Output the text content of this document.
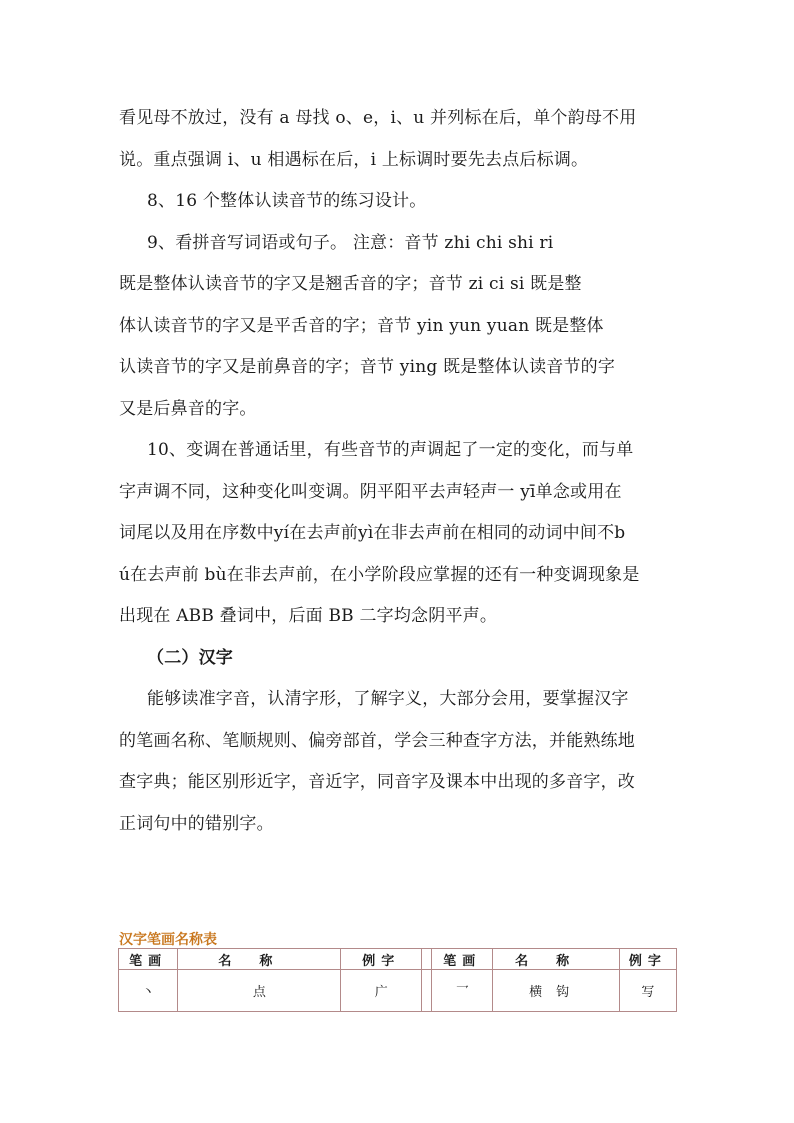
看见母不放过，没有 a 母找 o、e，i、u 并列标在后，单个韵母不用
说。重点强调 i、u 相遇标在后，i 上标调时要先去点后标调。
8、16 个整体认读音节的练习设计。
9、看拼音写词语或句子。 注意：音节 zhi chi shi ri
既是整体认读音节的字又是翘舌音的字；音节 zi ci si 既是整
体认读音节的字又是平舌音的字；音节 yin yun yuan 既是整体
认读音节的字又是前鼻音的字；音节 ying 既是整体认读音节的字
又是后鼻音的字。
10、变调在普通话里，有些音节的声调起了一定的变化，而与单
字声调不同，这种变化叫变调。阴平阳平去声轻声一 yī单念或用在
词尾以及用在序数中yí在去声前yì在非去声前在相同的动词中间不b
ú在去声前 bù在非去声前，在小学阶段应掌握的还有一种变调现象是
出现在 ABB 叠词中，后面 BB 二字均念阴平声。
（二）汉字
能够读准字音，认清字形，了解字义，大部分会用，要掌握汉字
的笔画名称、笔顺规则、偏旁部首，学会三种查字方法，并能熟练地
查字典；能区别形近字，音近字，同音字及课本中出现的多音字，改
正词句中的错别字。
汉字笔画名称表
笔画	名称	例字		笔画	名称	例字
丶	点	广		乛	横钩	写
